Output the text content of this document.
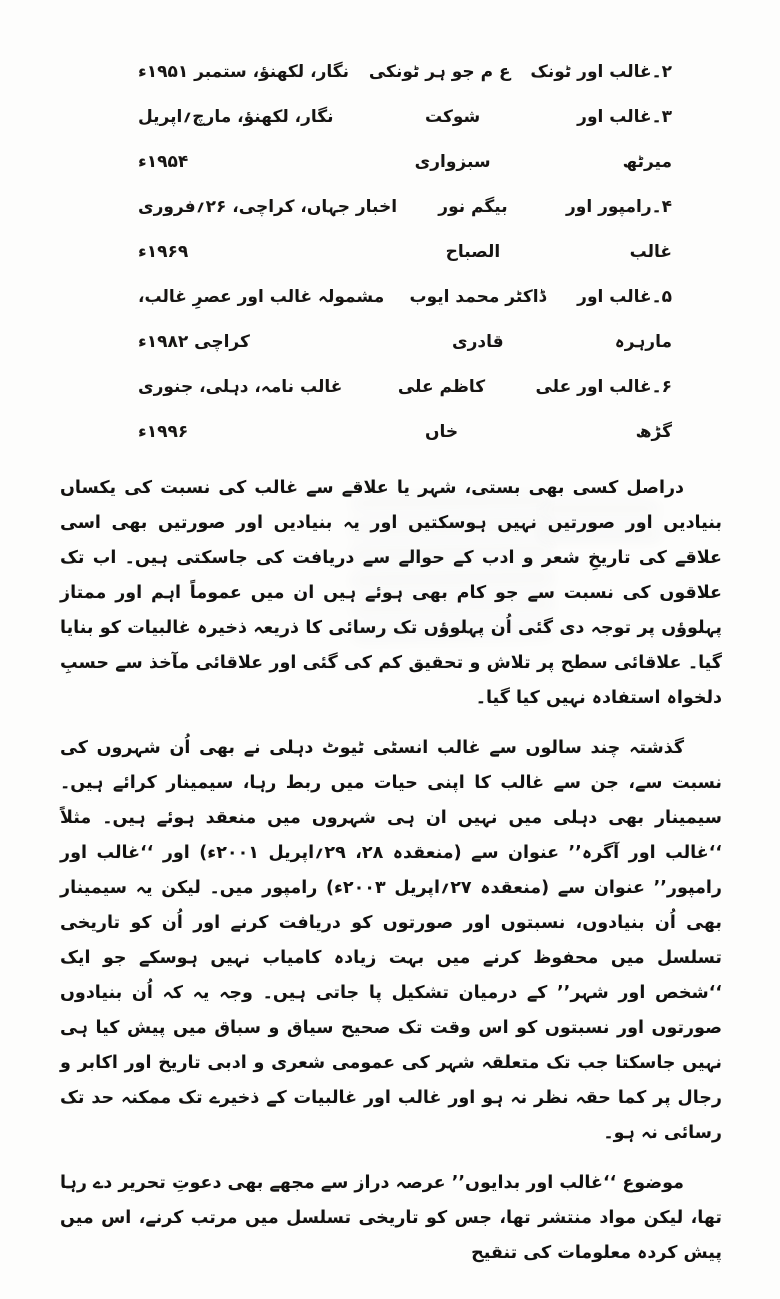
۲۔غالب اور ٹونک
ع م جو ہر ٹونکی
نگار، لکھنؤ، ستمبر ۱۹۵۱ء
۳۔غالب اور میرٹھ
شوکت سبزواری
نگار، لکھنؤ، مارچ؍اپریل ۱۹۵۴ء
۴۔رامپور اور غالب
بیگم نور الصباح
اخبار جہاں، کراچی، ۲۶؍فروری ۱۹۶۹ء
۵۔غالب اور مارہرہ
ڈاکٹر محمد ایوب قادری
مشمولہ غالب اور عصرِ غالب، کراچی ۱۹۸۲ء
۶۔غالب اور علی گڑھ
کاظم علی خاں
غالب نامہ، دہلی، جنوری ۱۹۹۶ء

دراصل کسی بھی بستی، شہر یا علاقے سے غالب کی نسبت کی یکساں بنیادیں اور صورتیں نہیں ہوسکتیں اور یہ بنیادیں اور صورتیں بھی اسی علاقے کی تاریخِ شعر و ادب کے حوالے سے دریافت کی جاسکتی ہیں۔ اب تک علاقوں کی نسبت سے جو کام بھی ہوئے ہیں ان میں عموماً اہم اور ممتاز پہلوؤں پر توجہ دی گئی اُن پہلوؤں تک رسائی کا ذریعہ ذخیرہ غالبیات کو بنایا گیا۔ علاقائی سطح پر تلاش و تحقیق کم کی گئی اور علاقائی مآخذ سے حسبِ دلخواہ استفادہ نہیں کیا گیا۔

گذشتہ چند سالوں سے غالب انسٹی ٹیوٹ دہلی نے بھی اُن شہروں کی نسبت سے، جن سے غالب کا اپنی حیات میں ربط رہا، سیمینار کرائے ہیں۔ سیمینار بھی دہلی میں نہیں ان ہی شہروں میں منعقد ہوئے ہیں۔ مثلاً ‘‘غالب اور آگرہ’’ عنوان سے (منعقدہ ۲۸، ۲۹؍اپریل ۲۰۰۱ء) اور ‘‘غالب اور رامپور’’ عنوان سے (منعقدہ ۲۷؍اپریل ۲۰۰۳ء) رامپور میں۔ لیکن یہ سیمینار بھی اُن بنیادوں، نسبتوں اور صورتوں کو دریافت کرنے اور اُن کو تاریخی تسلسل میں محفوظ کرنے میں بہت زیادہ کامیاب نہیں ہوسکے جو ایک ‘‘شخص اور شہر’’ کے درمیان تشکیل پا جاتی ہیں۔ وجہ یہ کہ اُن بنیادوں صورتوں اور نسبتوں کو اس وقت تک صحیح سیاق و سباق میں پیش کیا ہی نہیں جاسکتا جب تک متعلقہ شہر کی عمومی شعری و ادبی تاریخ اور اکابر و رجال پر کما حقہ نظر نہ ہو اور غالب اور غالبیات کے ذخیرے تک ممکنہ حد تک رسائی نہ ہو۔

موضوع ‘‘غالب اور بدایوں’’ عرصہ دراز سے مجھے بھی دعوتِ تحریر دے رہا تھا، لیکن مواد منتشر تھا، جس کو تاریخی تسلسل میں مرتب کرنے، اس میں پیش کردہ معلومات کی تنقیح
